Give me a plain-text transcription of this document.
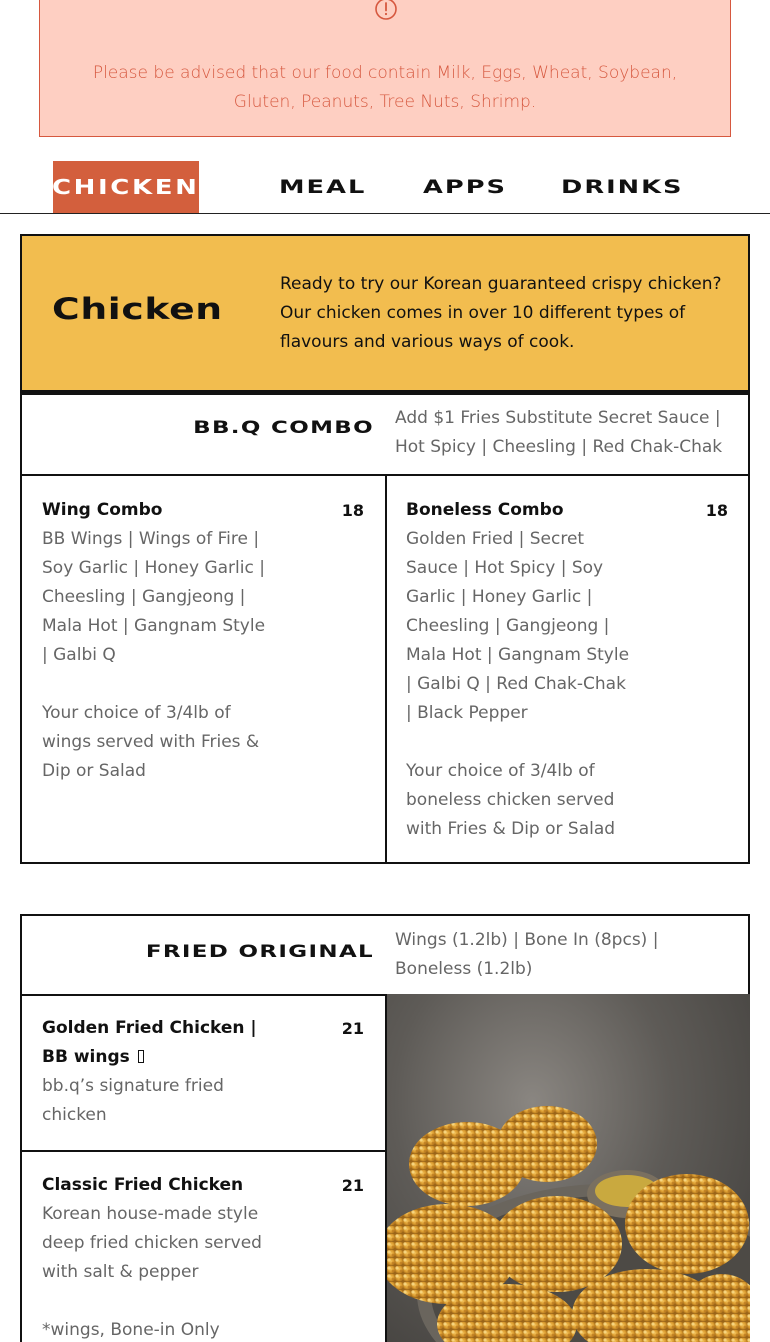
Please be advised that our food contain Milk, Eggs, Wheat, Soybean, Gluten, Peanuts, Tree Nuts, Shrimp.

CHICKEN	MEAL	APPS	DRINKS
Chicken

Ready to try our Korean guaranteed crispy chicken? Our chicken comes in over 10 different types of flavours and various ways of cook.

BB.Q COMBO Add $1 Fries Substitute Secret Sauce | Hot Spicy | Cheesling | Red Chak-Chak
Wing Combo	18
BB Wings | Wings of Fire | Soy Garlic | Honey Garlic | Cheesling | Gangjeong | Mala Hot | Gangnam Style | Galbi Q
Your choice of 3/4lb of wings served with Fries & Dip or Salad
Boneless Combo	18
Golden Fried | Secret Sauce | Hot Spicy | Soy Garlic | Honey Garlic | Cheesling | Gangjeong | Mala Hot | Gangnam Style | Galbi Q | Red Chak-Chak | Black Pepper
Your choice of 3/4lb of boneless chicken served with Fries & Dip or Salad
FRIED ORIGINAL
Wings (1.2lb) | Bone In (8pcs) | Boneless (1.2lb)
Golden Fried Chicken | BB wings
21
bb.q’s signature fried chicken
Classic Fried Chicken	21
Korean house-made style deep fried chicken served with salt & pepper
*wings, Bone-in Only
